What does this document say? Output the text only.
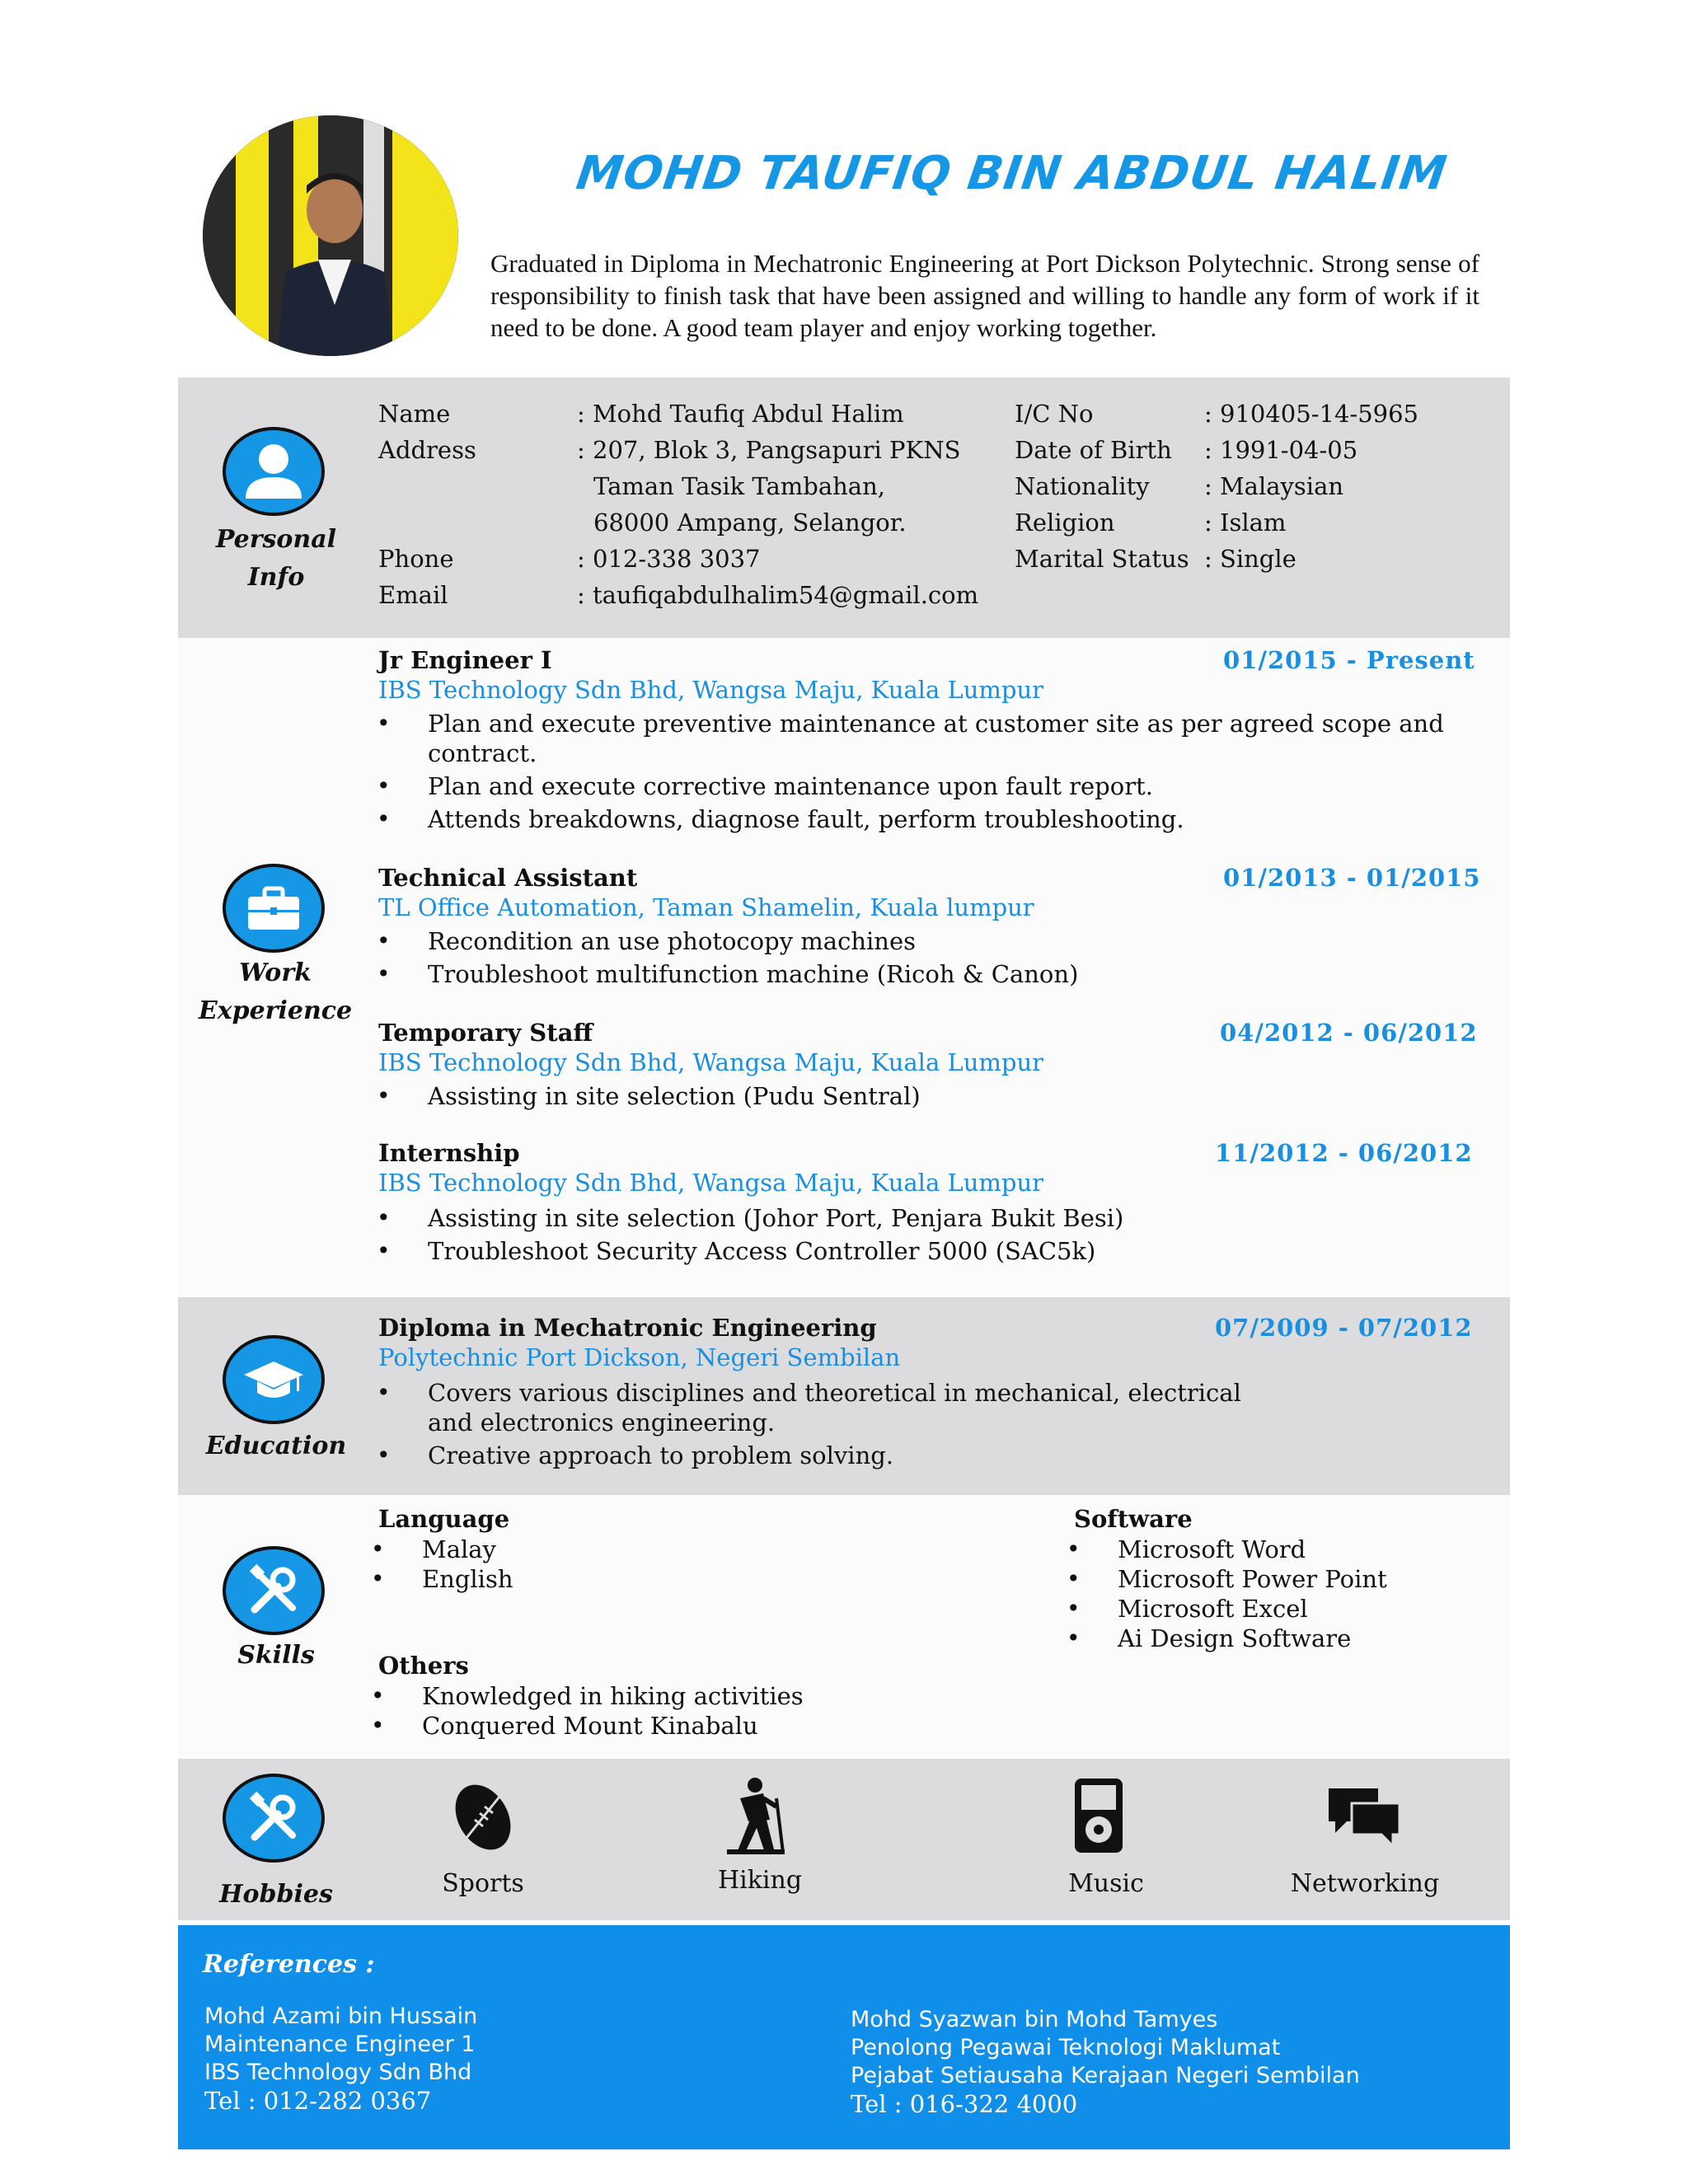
MOHD TAUFIQ BIN ABDUL HALIM
Graduated in Diploma in Mechatronic Engineering at Port Dickson Polytechnic. Strong sense of responsibility to finish task that have been assigned and willing to handle any form of work if it need to be done. A good team player and enjoy working together.
Personal
Info
Name	: Mohd Taufiq Abdul Halim
Address	: 207, Blok 3, Pangsapuri PKNS
Taman Tasik Tambahan,
68000 Ampang, Selangor.
Phone	: 012-338 3037
Email	: taufiqabdulhalim54@gmail.com
I/C No	: 910405-14-5965
Date of Birth : 1991-04-05
Nationality : Malaysian
Religion	: Islam
Marital Status : Single
Work
Experience
Jr Engineer I	01/2015 - Present
IBS Technology Sdn Bhd, Wangsa Maju, Kuala Lumpur
• Plan and execute preventive maintenance at customer site as per agreed scope and contract.
• Plan and execute corrective maintenance upon fault report.
• Attends breakdowns, diagnose fault, perform troubleshooting.
Technical Assistant	01/2013 - 01/2015
TL Office Automation, Taman Shamelin, Kuala lumpur
• Recondition an use photocopy machines
• Troubleshoot multifunction machine (Ricoh & Canon)
Temporary Staff	04/2012 - 06/2012
IBS Technology Sdn Bhd, Wangsa Maju, Kuala Lumpur
• Assisting in site selection (Pudu Sentral)
Internship	11/2012 - 06/2012
IBS Technology Sdn Bhd, Wangsa Maju, Kuala Lumpur
• Assisting in site selection (Johor Port, Penjara Bukit Besi)
• Troubleshoot Security Access Controller 5000 (SAC5k)
Education
Diploma in Mechatronic Engineering	07/2009 - 07/2012
Polytechnic Port Dickson, Negeri Sembilan
• Covers various disciplines and theoretical in mechanical, electrical and electronics engineering.
• Creative approach to problem solving.
Skills
Language
• Malay
• English
Others
• Knowledged in hiking activities
• Conquered Mount Kinabalu
Software
• Microsoft Word
• Microsoft Power Point
• Microsoft Excel
• Ai Design Software
Hobbies	Sports	Hiking	Music	Networking
References :
Mohd Azami bin Hussain
Maintenance Engineer 1
IBS Technology Sdn Bhd
Tel : 012-282 0367
Mohd Syazwan bin Mohd Tamyes
Penolong Pegawai Teknologi Maklumat
Pejabat Setiausaha Kerajaan Negeri Sembilan
Tel : 016-322 4000
